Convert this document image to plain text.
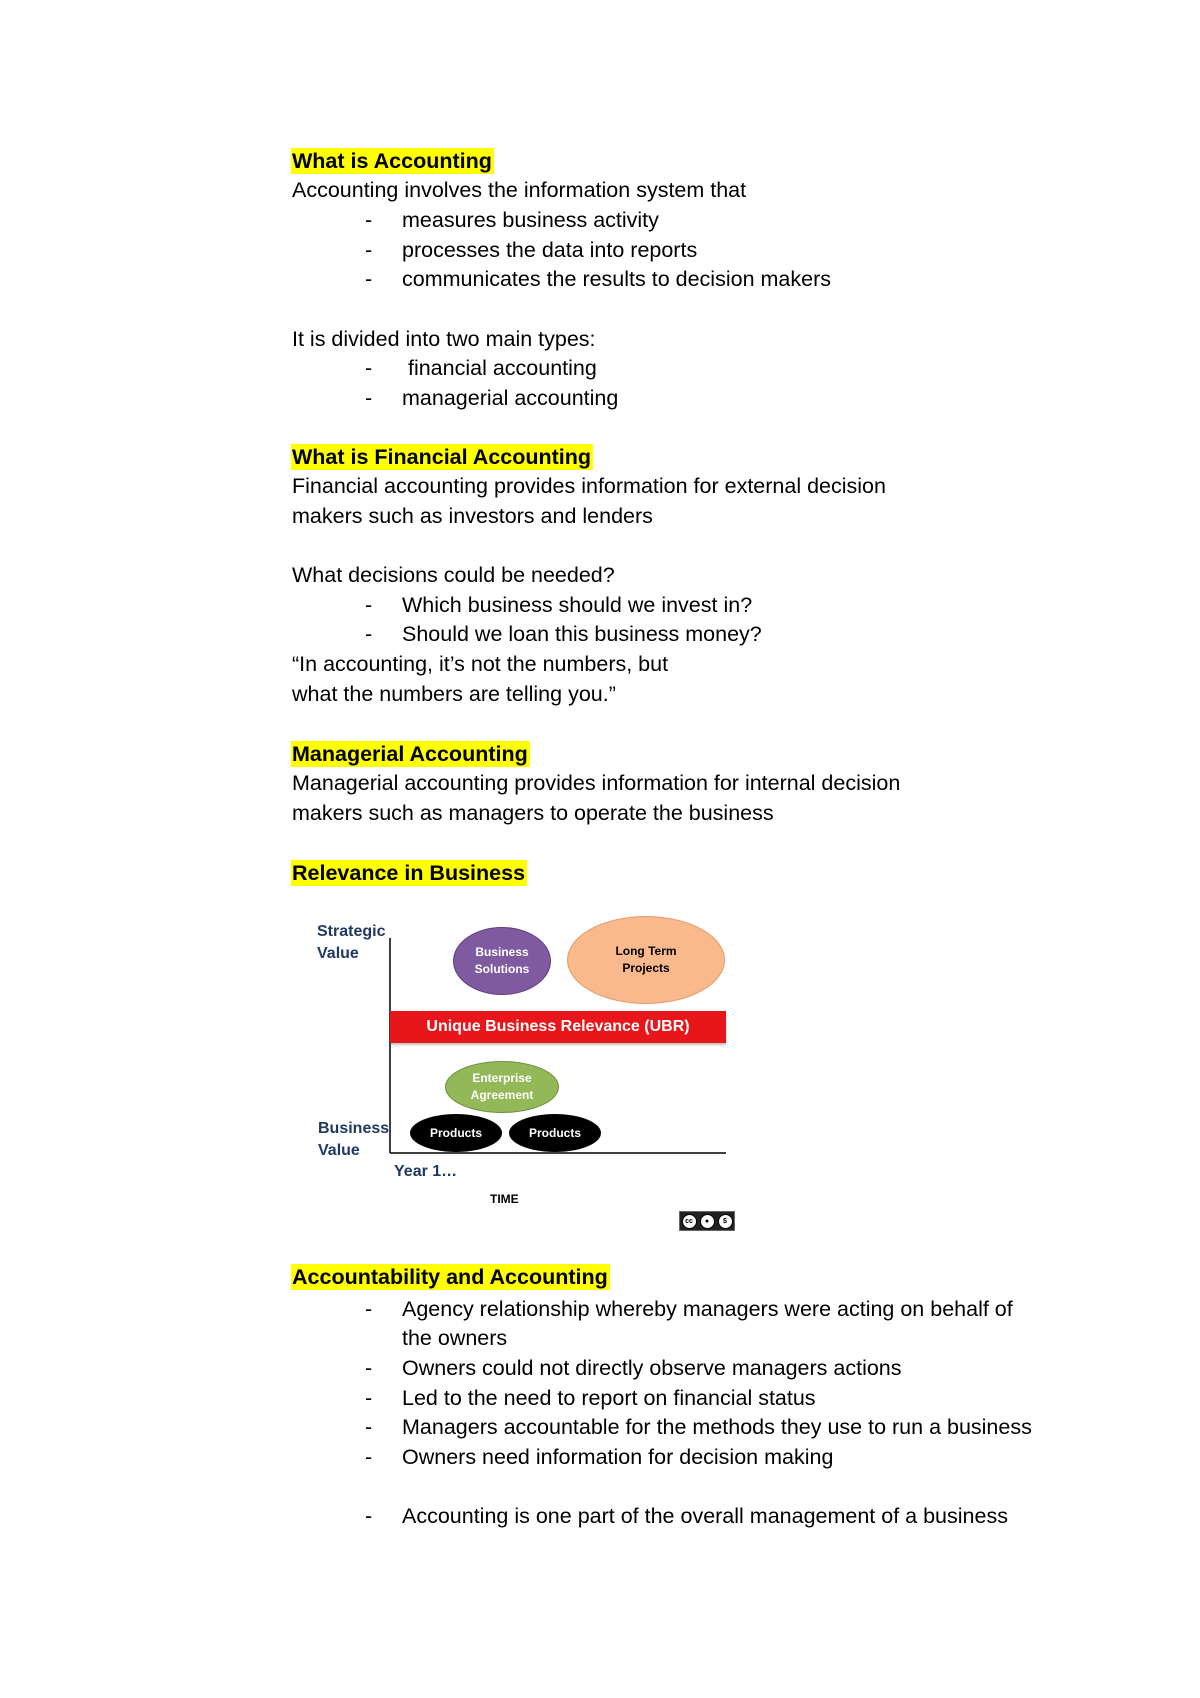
What is Accounting
Accounting involves the information system that
- measures business activity
- processes the data into reports
- communicates the results to decision makers
It is divided into two main types:
- financial accounting
- managerial accounting
What is Financial Accounting
Financial accounting provides information for external decision
makers such as investors and lenders
What decisions could be needed?
- Which business should we invest in?
- Should we loan this business money?
“In accounting, it’s not the numbers, but
what the numbers are telling you.”
Managerial Accounting
Managerial accounting provides information for internal decision
makers such as managers to operate the business
Relevance in Business
Strategic
Value
Business
Value
Business
Solutions
Long Term
Projects
Unique Business Relevance (UBR)
Enterprise
Agreement
Products	Products
Year 1…
TIME
cc	●	$
Accountability and Accounting
- Agency relationship whereby managers were acting on behalf of
the owners
- Owners could not directly observe managers actions
- Led to the need to report on financial status
- Managers accountable for the methods they use to run a business
- Owners need information for decision making
- Accounting is one part of the overall management of a business
